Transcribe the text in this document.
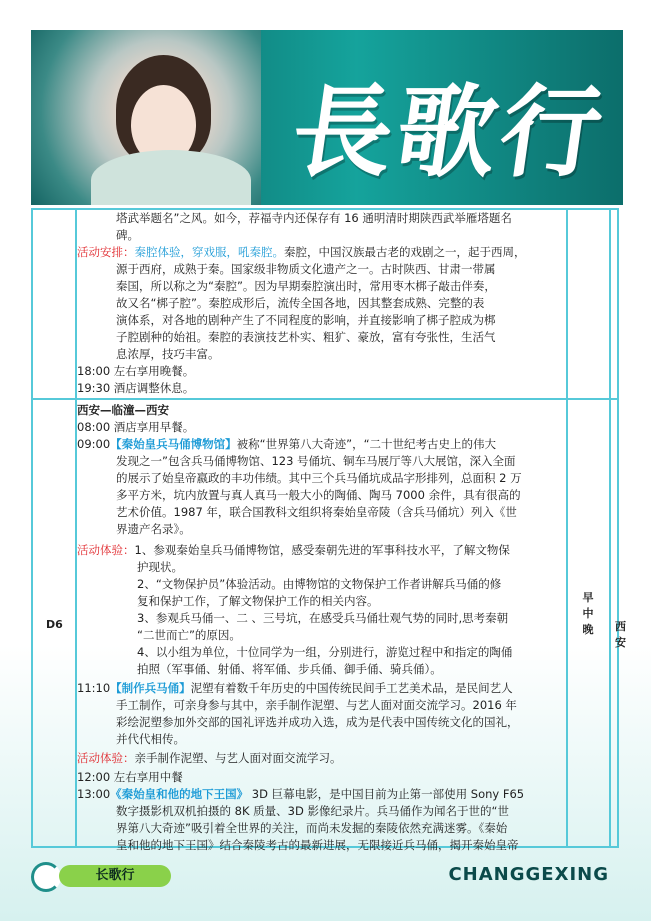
長歌行

塔武举题名”之风。如今，荐福寺内还保存有 16 通明清时期陕西武举雁塔题名

碑。

活动安排：秦腔体验，穿戏服，吼秦腔。秦腔，中国汉族最古老的戏剧之一，起于西周，

源于西府，成熟于秦。国家级非物质文化遗产之一。古时陕西、甘肃一带属

秦国，所以称之为“秦腔”。因为早期秦腔演出时，常用枣木梆子敲击伴奏，

故又名“梆子腔”。秦腔成形后，流传全国各地，因其整套成熟、完整的表

演体系，对各地的剧种产生了不同程度的影响，并直接影响了梆子腔成为梆

子腔剧种的始祖。秦腔的表演技艺朴实、粗犷、豪放，富有夸张性，生活气

息浓厚，技巧丰富。

18:00 左右享用晚餐。

19:30 酒店调整休息。

D6
早
中
晚 西安

西安—临潼—西安

08:00 酒店享用早餐。

09:00【秦始皇兵马俑博物馆】被称“世界第八大奇迹”，“二十世纪考古史上的伟大

发现之一”包含兵马俑博物馆、123 号俑坑、铜车马展厅等八大展馆，深入全面

的展示了始皇帝嬴政的丰功伟绩。其中三个兵马俑坑成品字形排列，总面积 2 万

多平方米，坑内放置与真人真马一般大小的陶俑、陶马 7000 余件，具有很高的

艺术价值。1987 年，联合国教科文组织将秦始皇帝陵（含兵马俑坑）列入《世

界遗产名录》。

活动体验：1、参观秦始皇兵马俑博物馆，感受秦朝先进的军事科技水平，了解文物保

护现状。

2、“文物保护员”体验活动。由博物馆的文物保护工作者讲解兵马俑的修

复和保护工作，了解文物保护工作的相关内容。

3、参观兵马俑一、二 、三号坑，在感受兵马俑壮观气势的同时,思考秦朝

“二世而亡”的原因。

4、以小组为单位，十位同学为一组，分别进行，游览过程中和指定的陶俑

拍照（军事俑、射俑、将军俑、步兵俑、御手俑、骑兵俑）。

11:10【制作兵马俑】泥塑有着数千年历史的中国传统民间手工艺美术品，是民间艺人

手工制作，可亲身参与其中，亲手制作泥塑、与艺人面对面交流学习。2016 年

彩绘泥塑参加外交部的国礼评选并成功入选，成为是代表中国传统文化的国礼，

并代代相传。

活动体验：亲手制作泥塑、与艺人面对面交流学习。

12:00 左右享用中餐

13:00《秦始皇和他的地下王国》 3D 巨幕电影，是中国目前为止第一部使用 Sony F65

数字摄影机双机拍摄的 8K 质量、3D 影像纪录片。兵马俑作为闻名于世的“世

界第八大奇迹”吸引着全世界的关注，而尚未发掘的秦陵依然充满迷雾。《秦始

皇和他的地下王国》结合秦陵考古的最新进展，无限接近兵马俑，揭开秦始皇帝

长歌行	CHANGGEXING
